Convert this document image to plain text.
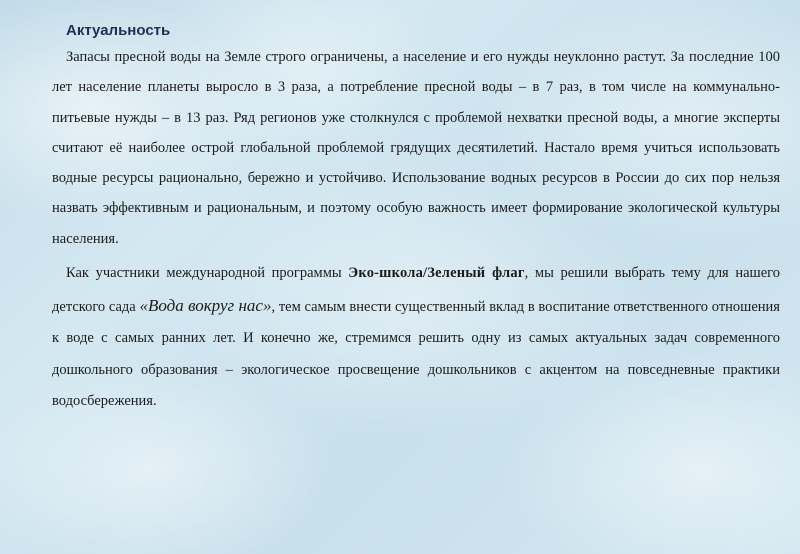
Актуальность

Запасы пресной воды на Земле строго ограничены, а население и его нужды неуклонно растут. За последние 100 лет население планеты выросло в 3 раза, а потребление пресной воды – в 7 раз, в том числе на коммунально-питьевые нужды – в 13 раз. Ряд регионов уже столкнулся с проблемой нехватки пресной воды, а многие эксперты считают её наиболее острой глобальной проблемой грядущих десятилетий. Настало время учиться использовать водные ресурсы рационально, бережно и устойчиво. Использование водных ресурсов в России до сих пор нельзя назвать эффективным и рациональным, и поэтому особую важность имеет формирование экологической культуры населения.

Как участники международной программы Эко-школа/Зеленый флаг, мы решили выбрать тему для нашего детского сада «Вода вокруг нас», тем самым внести существенный вклад в воспитание ответственного отношения к воде с самых ранних лет. И конечно же, стремимся решить одну из самых актуальных задач современного дошкольного образования – экологическое просвещение дошкольников с акцентом на повседневные практики водосбережения.
